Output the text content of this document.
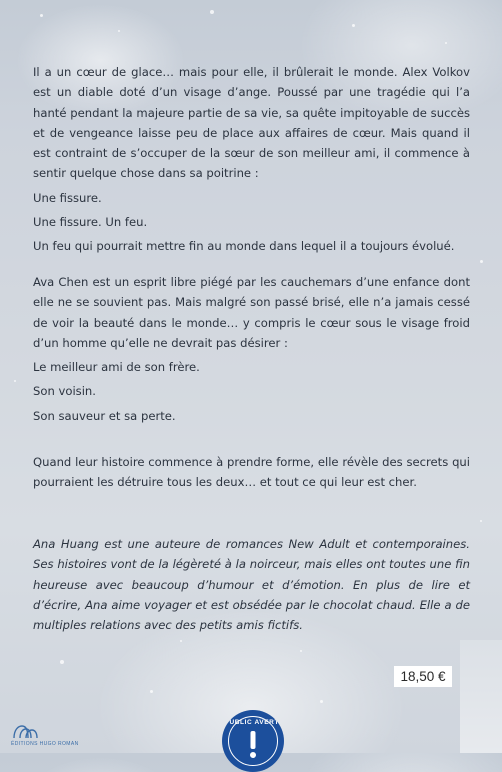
Il a un cœur de glace… mais pour elle, il brûlerait le monde. Alex Volkov est un diable doté d’un visage d’ange. Poussé par une tragédie qui l’a hanté pendant la majeure partie de sa vie, sa quête impitoyable de succès et de vengeance laisse peu de place aux affaires de cœur. Mais quand il est contraint de s’occuper de la sœur de son meilleur ami, il commence à sentir quelque chose dans sa poitrine :

Une fissure.

Une fissure. Un feu.

Un feu qui pourrait mettre fin au monde dans lequel il a toujours évolué.

Ava Chen est un esprit libre piégé par les cauchemars d’une enfance dont elle ne se souvient pas. Mais malgré son passé brisé, elle n’a jamais cessé de voir la beauté dans le monde… y compris le cœur sous le visage froid d’un homme qu’elle ne devrait pas désirer :

Le meilleur ami de son frère.

Son voisin.

Son sauveur et sa perte.

Quand leur histoire commence à prendre forme, elle révèle des secrets qui pourraient les détruire tous les deux… et tout ce qui leur est cher.

Ana Huang est une auteure de romances New Adult et contemporaines. Ses histoires vont de la légèreté à la noirceur, mais elles ont toutes une fin heureuse avec beaucoup d’humour et d’émotion. En plus de lire et d’écrire, Ana aime voyager et est obsédée par le chocolat chaud. Elle a de multiples relations avec des petits amis fictifs.

18,50 €
ÉDITIONS HUGO ROMAN
PUBLIC AVERTI
